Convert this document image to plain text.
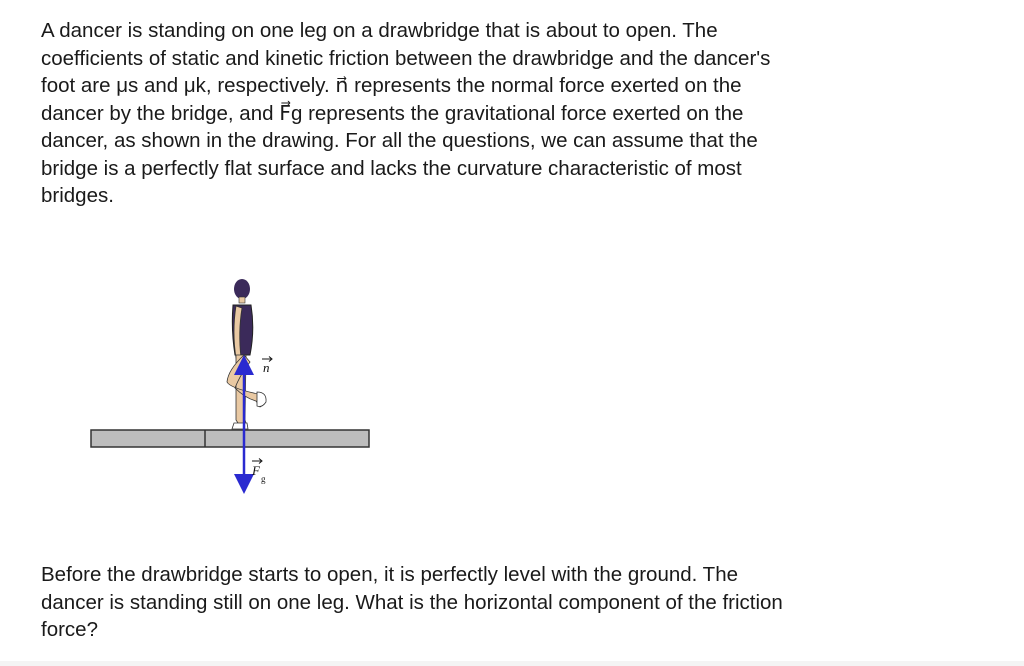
A dancer is standing on one leg on a drawbridge that is about to open. The
coefficients of static and kinetic friction between the drawbridge and the dancer's
foot are μs and μk, respectively. n⃗ represents the normal force exerted on the
dancer by the bridge, and F⃗g represents the gravitational force exerted on the
dancer, as shown in the drawing. For all the questions, we can assume that the
bridge is a perfectly flat surface and lacks the curvature characteristic of most
bridges.
n
F
g
Before the drawbridge starts to open, it is perfectly level with the ground. The
dancer is standing still on one leg. What is the horizontal component of the friction
force?
